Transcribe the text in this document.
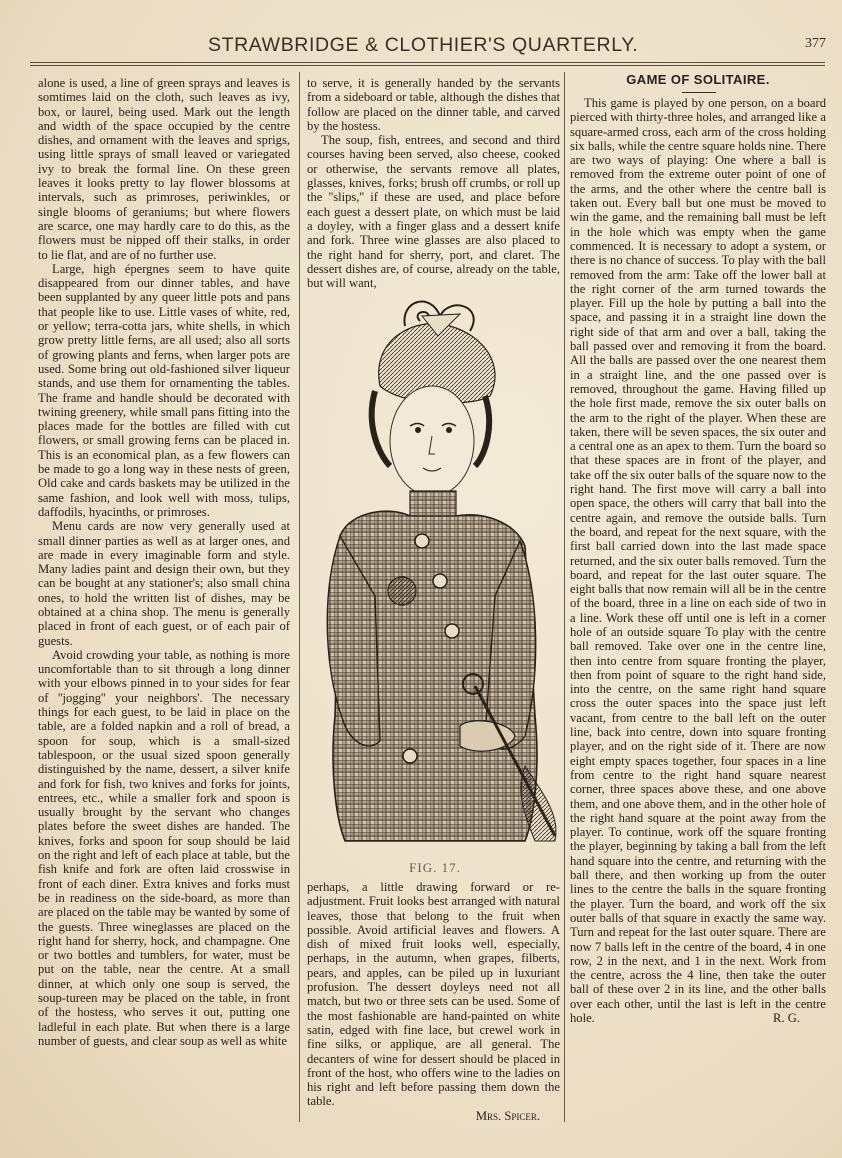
STRAWBRIDGE & CLOTHIER'S QUARTERLY.	377

alone is used, a line of green sprays and leaves is somtimes laid on the cloth, such leaves as ivy, box, or laurel, being used. Mark out the length and width of the space occupied by the centre dishes, and ornament with the leaves and sprigs, using little sprays of small leaved or variegated ivy to break the formal line. On these green leaves it looks pretty to lay flower blossoms at intervals, such as primroses, periwinkles, or single blooms of geraniums; but where flowers are scarce, one may hardly care to do this, as the flowers must be nipped off their stalks, in order to lie flat, and are of no further use.

Large, high épergnes seem to have quite disappeared from our dinner tables, and have been supplanted by any queer little pots and pans that people like to use. Little vases of white, red, or yellow; terra-cotta jars, white shells, in which grow pretty little ferns, are all used; also all sorts of growing plants and ferns, when larger pots are used. Some bring out old-fashioned silver liqueur stands, and use them for ornamenting the tables. The frame and handle should be decorated with twining greenery, while small pans fitting into the places made for the bottles are filled with cut flowers, or small growing ferns can be placed in. This is an economical plan, as a few flowers can be made to go a long way in these nests of green, Old cake and cards baskets may be utilized in the same fashion, and look well with moss, tulips, daffodils, hyacinths, or primroses.

Menu cards are now very generally used at small dinner parties as well as at larger ones, and are made in every imaginable form and style. Many ladies paint and design their own, but they can be bought at any stationer's; also small china ones, to hold the written list of dishes, may be obtained at a china shop. The menu is generally placed in front of each guest, or of each pair of guests.

Avoid crowding your table, as nothing is more uncomfortable than to sit through a long dinner with your elbows pinned in to your sides for fear of ''jogging'' your neighbors'. The necessary things for each guest, to be laid in place on the table, are a folded napkin and a roll of bread, a spoon for soup, which is a small-sized tablespoon, or the usual sized spoon generally distinguished by the name, dessert, a silver knife and fork for fish, two knives and forks for joints, entrees, etc., while a smaller fork and spoon is usually brought by the servant who changes plates before the sweet dishes are handed. The knives, forks and spoon for soup should be laid on the right and left of each place at table, but the fish knife and fork are often laid crosswise in front of each diner. Extra knives and forks must be in readiness on the side-board, as more than are placed on the table may be wanted by some of the guests. Three wineglasses are placed on the right hand for sherry, hock, and champagne. One or two bottles and tumblers, for water, must be put on the table, near the centre. At a small dinner, at which only one soup is served, the soup-tureen may be placed on the table, in front of the hostess, who serves it out, putting one ladleful in each plate. But when there is a large number of guests, and clear soup as well as white

to serve, it is generally handed by the servants from a sideboard or table, although the dishes that follow are placed on the dinner table, and carved by the hostess.

The soup, fish, entrees, and second and third courses having been served, also cheese, cooked or otherwise, the servants remove all plates, glasses, knives, forks; brush off crumbs, or roll up the ''slips,'' if these are used, and place before each guest a dessert plate, on which must be laid a doyley, with a finger glass and a dessert knife and fork. Three wine glasses are also placed to the right hand for sherry, port, and claret. The dessert dishes are, of course, already on the table, but will want,

FIG. 17.

perhaps, a little drawing forward or re-adjustment. Fruit looks best arranged with natural leaves, those that belong to the fruit when possible. Avoid artificial leaves and flowers. A dish of mixed fruit looks well, especially, perhaps, in the autumn, when grapes, filberts, pears, and apples, can be piled up in luxuriant profusion. The dessert doyleys need not all match, but two or three sets can be used. Some of the most fashionable are hand-painted on white satin, edged with fine lace, but crewel work in fine silks, or applique, are all general. The decanters of wine for dessert should be placed in front of the host, who offers wine to the ladies on his right and left before passing them down the table.

Mrs. Spicer.

GAME OF SOLITAIRE.

This game is played by one person, on a board pierced with thirty-three holes, and arranged like a square-armed cross, each arm of the cross holding six balls, while the centre square holds nine. There are two ways of playing: One where a ball is removed from the extreme outer point of one of the arms, and the other where the centre ball is taken out. Every ball but one must be moved to win the game, and the remaining ball must be left in the hole which was empty when the game commenced. It is necessary to adopt a system, or there is no chance of success. To play with the ball removed from the arm: Take off the lower ball at the right corner of the arm turned towards the player. Fill up the hole by putting a ball into the space, and passing it in a straight line down the right side of that arm and over a ball, taking the ball passed over and removing it from the board. All the balls are passed over the one nearest them in a straight line, and the one passed over is removed, throughout the game. Having filled up the hole first made, remove the six outer balls on the arm to the right of the player. When these are taken, there will be seven spaces, the six outer and a central one as an apex to them. Turn the board so that these spaces are in front of the player, and take off the six outer balls of the square now to the right hand. The first move will carry a ball into open space, the others will carry that ball into the centre again, and remove the outside balls. Turn the board, and repeat for the next square, with the first ball carried down into the last made space returned, and the six outer balls removed. Turn the board, and repeat for the last outer square. The eight balls that now remain will all be in the centre of the board, three in a line on each side of two in a line. Work these off until one is left in a corner hole of an outside square To play with the centre ball removed. Take over one in the centre line, then into centre from square fronting the player, then from point of square to the right hand side, into the centre, on the same right hand square cross the outer spaces into the space just left vacant, from centre to the ball left on the outer line, back into centre, down into square fronting player, and on the right side of it. There are now eight empty spaces together, four spaces in a line from centre to the right hand square nearest corner, three spaces above these, and one above them, and one above them, and in the other hole of the right hand square at the point away from the player. To continue, work off the square fronting the player, beginning by taking a ball from the left hand square into the centre, and returning with the ball there, and then working up from the outer lines to the centre the balls in the square fronting the player. Turn the board, and work off the six outer balls of that square in exactly the same way. Turn and repeat for the last outer square. There are now 7 balls left in the centre of the board, 4 in one row, 2 in the next, and 1 in the next. Work from the centre, across the 4 line, then take the outer ball of these over 2 in its line, and the other balls over each other, until the last is left in the centre hole.	R. G.
